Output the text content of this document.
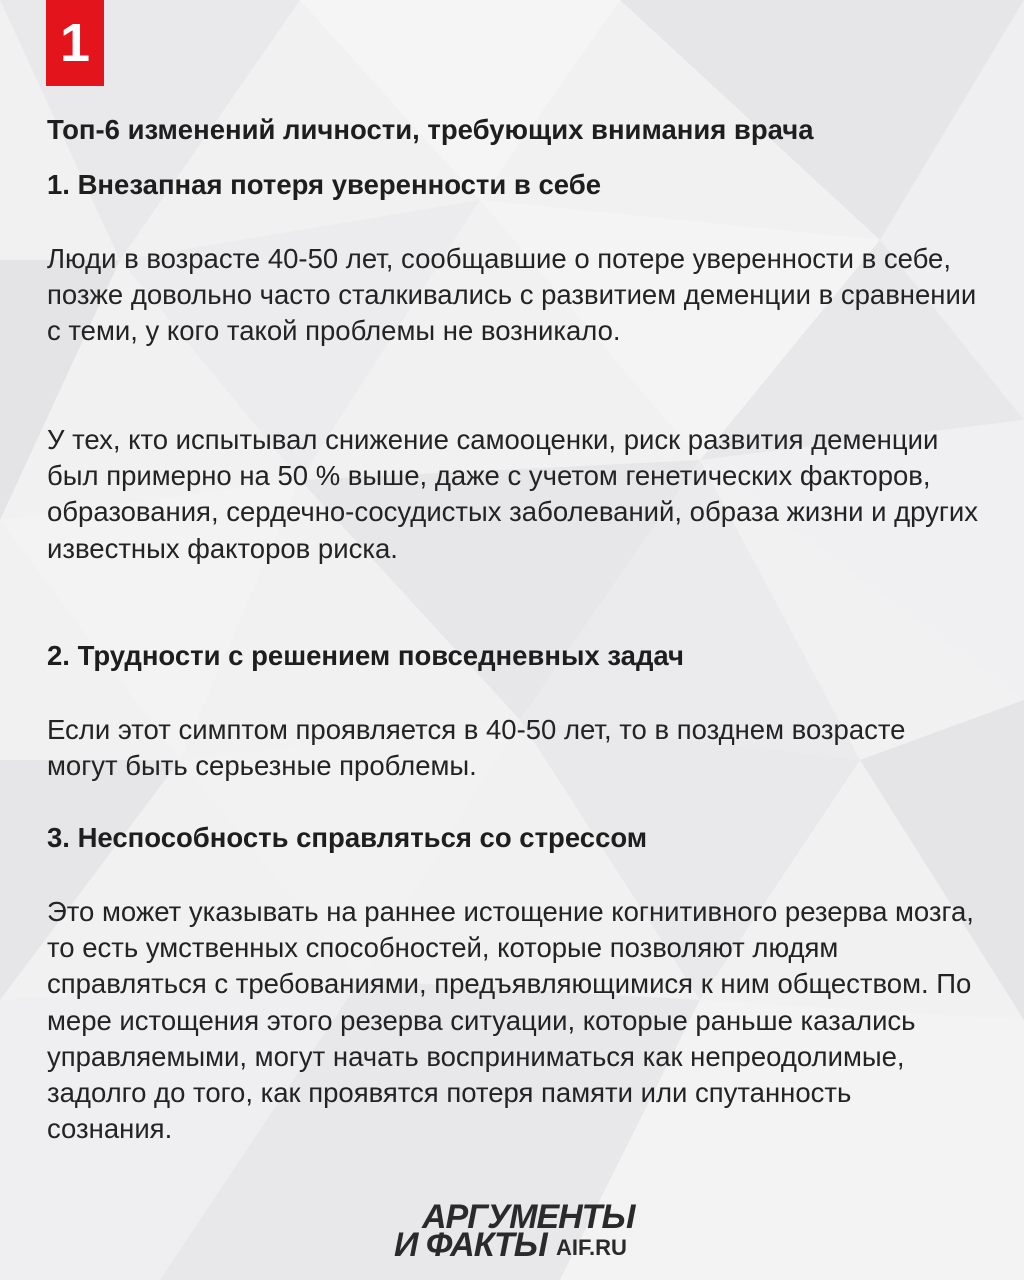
1
Топ-6 изменений личности, требующих внимания врача
1. Внезапная потеря уверенности в себе

Люди в возрасте 40-50 лет, сообщавшие о потере уверенности в себе, позже довольно часто сталкивались с развитием деменции в сравнении с теми, у кого такой проблемы не возникало.

У тех, кто испытывал снижение самооценки, риск развития деменции был примерно на 50 % выше, даже с учетом генетических факторов, образования, сердечно-сосудистых заболеваний, образа жизни и других известных факторов риска.

2. Трудности с решением повседневных задач

Если этот симптом проявляется в 40-50 лет, то в позднем возрасте могут быть серьезные проблемы.

3. Неспособность справляться со стрессом

Это может указывать на раннее истощение когнитивного резерва мозга, то есть умственных способностей, которые позволяют людям справляться с требованиями, предъявляющимися к ним обществом. По мере истощения этого резерва ситуации, которые раньше казались управляемыми, могут начать восприниматься как непреодолимые, задолго до того, как проявятся потеря памяти или спутанность сознания.

АРГУМЕНТЫ
И ФАКТЫ AIF.RU
